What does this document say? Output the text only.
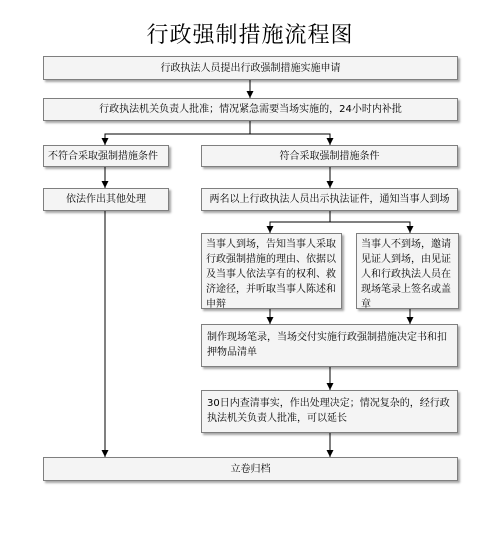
行政强制措施流程图
行政执法人员提出行政强制措施实施申请
行政执法机关负责人批准；情况紧急需要当场实施的，24小时内补批
不符合采取强制措施条件	符合采取强制措施条件
依法作出其他处理	两名以上行政执法人员出示执法证件，通知当事人到场
当事人到场，告知当事人采取行政强制措施的理由、依据以及当事人依法享有的权利、救济途径，并听取当事人陈述和申辩
当事人不到场，邀请见证人到场，由见证人和行政执法人员在现场笔录上签名或盖章
制作现场笔录，当场交付实施行政强制措施决定书和扣押物品清单
30日内查清事实，作出处理决定；情况复杂的，经行政执法机关负责人批准，可以延长
立卷归档
